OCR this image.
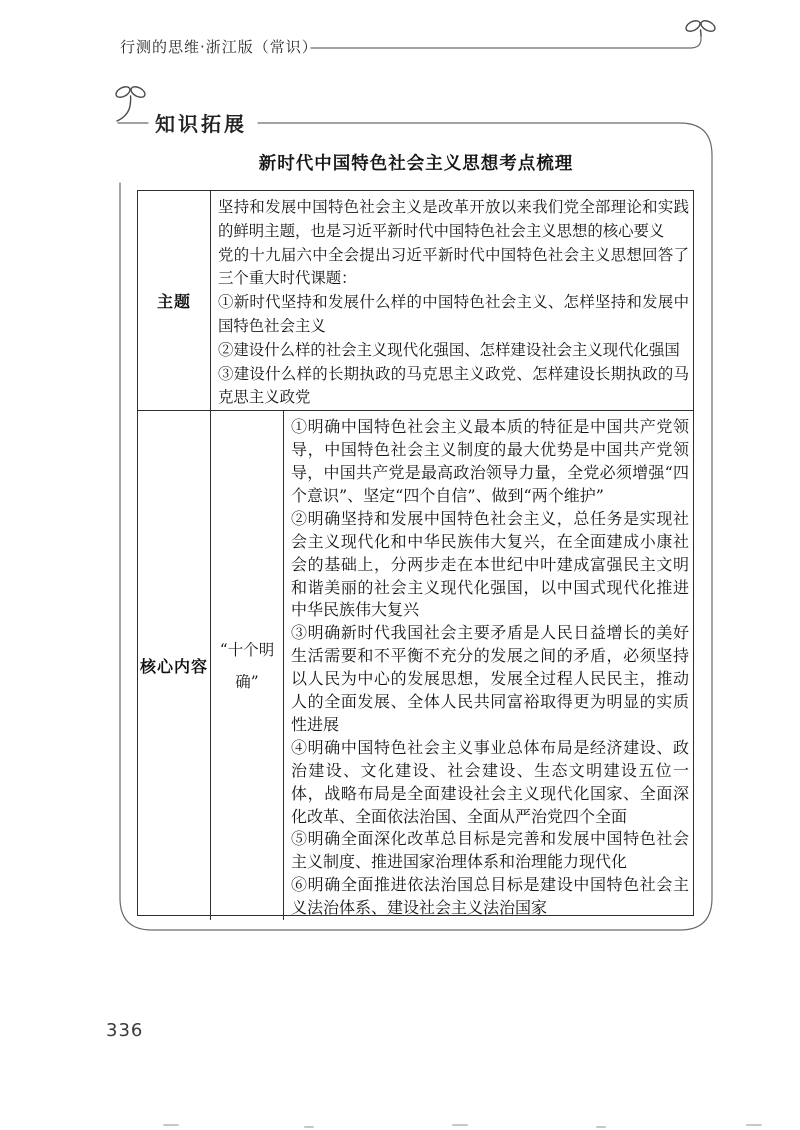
行测的思维·浙江版（常识）
知识拓展
新时代中国特色社会主义思想考点梳理
主题

坚持和发展中国特色社会主义是改革开放以来我们党全部理论和实践的鲜明主题，也是习近平新时代中国特色社会主义思想的核心要义

党的十九届六中全会提出习近平新时代中国特色社会主义思想回答了三个重大时代课题：

①新时代坚持和发展什么样的中国特色社会主义、怎样坚持和发展中国特色社会主义

②建设什么样的社会主义现代化强国、怎样建设社会主义现代化强国

③建设什么样的长期执政的马克思主义政党、怎样建设长期执政的马克思主义政党

核心内容
“十个明确”

①明确中国特色社会主义最本质的特征是中国共产党领导，中国特色社会主义制度的最大优势是中国共产党领导，中国共产党是最高政治领导力量，全党必须增强“四个意识”、坚定“四个自信”、做到“两个维护”

②明确坚持和发展中国特色社会主义，总任务是实现社会主义现代化和中华民族伟大复兴，在全面建成小康社会的基础上，分两步走在本世纪中叶建成富强民主文明和谐美丽的社会主义现代化强国，以中国式现代化推进中华民族伟大复兴

③明确新时代我国社会主要矛盾是人民日益增长的美好生活需要和不平衡不充分的发展之间的矛盾，必须坚持以人民为中心的发展思想，发展全过程人民民主，推动人的全面发展、全体人民共同富裕取得更为明显的实质性进展

④明确中国特色社会主义事业总体布局是经济建设、政治建设、文化建设、社会建设、生态文明建设五位一体，战略布局是全面建设社会主义现代化国家、全面深化改革、全面依法治国、全面从严治党四个全面

⑤明确全面深化改革总目标是完善和发展中国特色社会主义制度、推进国家治理体系和治理能力现代化

⑥明确全面推进依法治国总目标是建设中国特色社会主义法治体系、建设社会主义法治国家

336
